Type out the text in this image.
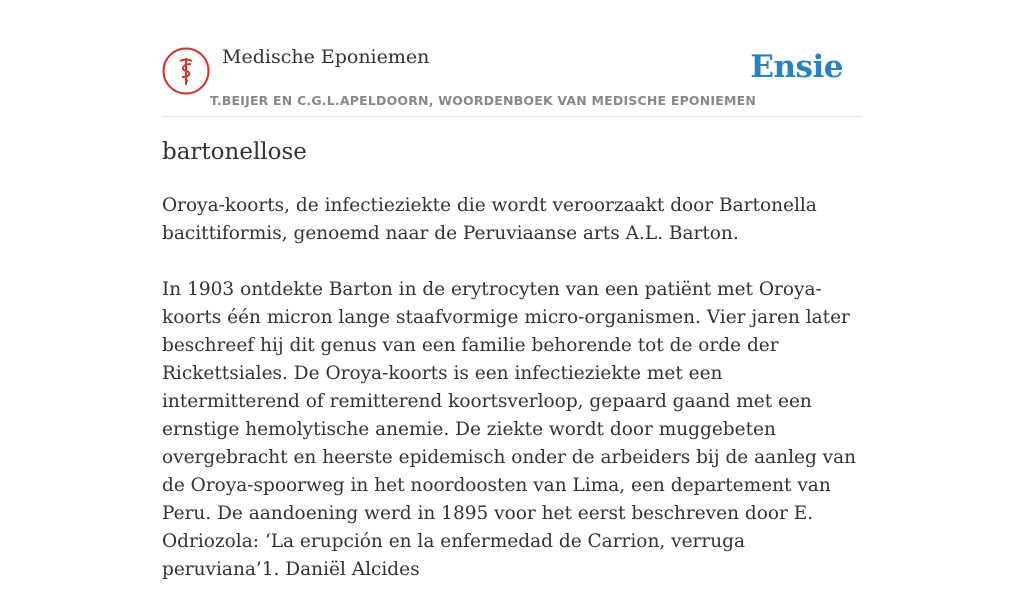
Medische Eponiemen
T.BEIJER EN C.G.L.APELDOORN, WOORDENBOEK VAN MEDISCHE EPONIEMEN
Ensie
bartonellose

Oroya-koorts, de infectieziekte die wordt veroorzaakt door Bartonella bacittiformis, genoemd naar de Peruviaanse arts A.L. Barton.

In 1903 ontdekte Barton in de erytrocyten van een patiënt met Oroya-koorts één micron lange staafvormige micro-organismen. Vier jaren later beschreef hij dit genus van een familie behorende tot de orde der Rickettsiales. De Oroya-koorts is een infectieziekte met een intermitterend of remitterend koortsverloop, gepaard gaand met een ernstige hemolytische anemie. De ziekte wordt door muggebeten overgebracht en heerste epidemisch onder de arbeiders bij de aanleg van de Oroya-spoorweg in het noordoosten van Lima, een departement van Peru. De aandoening werd in 1895 voor het eerst beschreven door E. Odriozola: ‘La erupción en la enfermedad de Carrion, verruga peruviana’1. Daniël Alcides
